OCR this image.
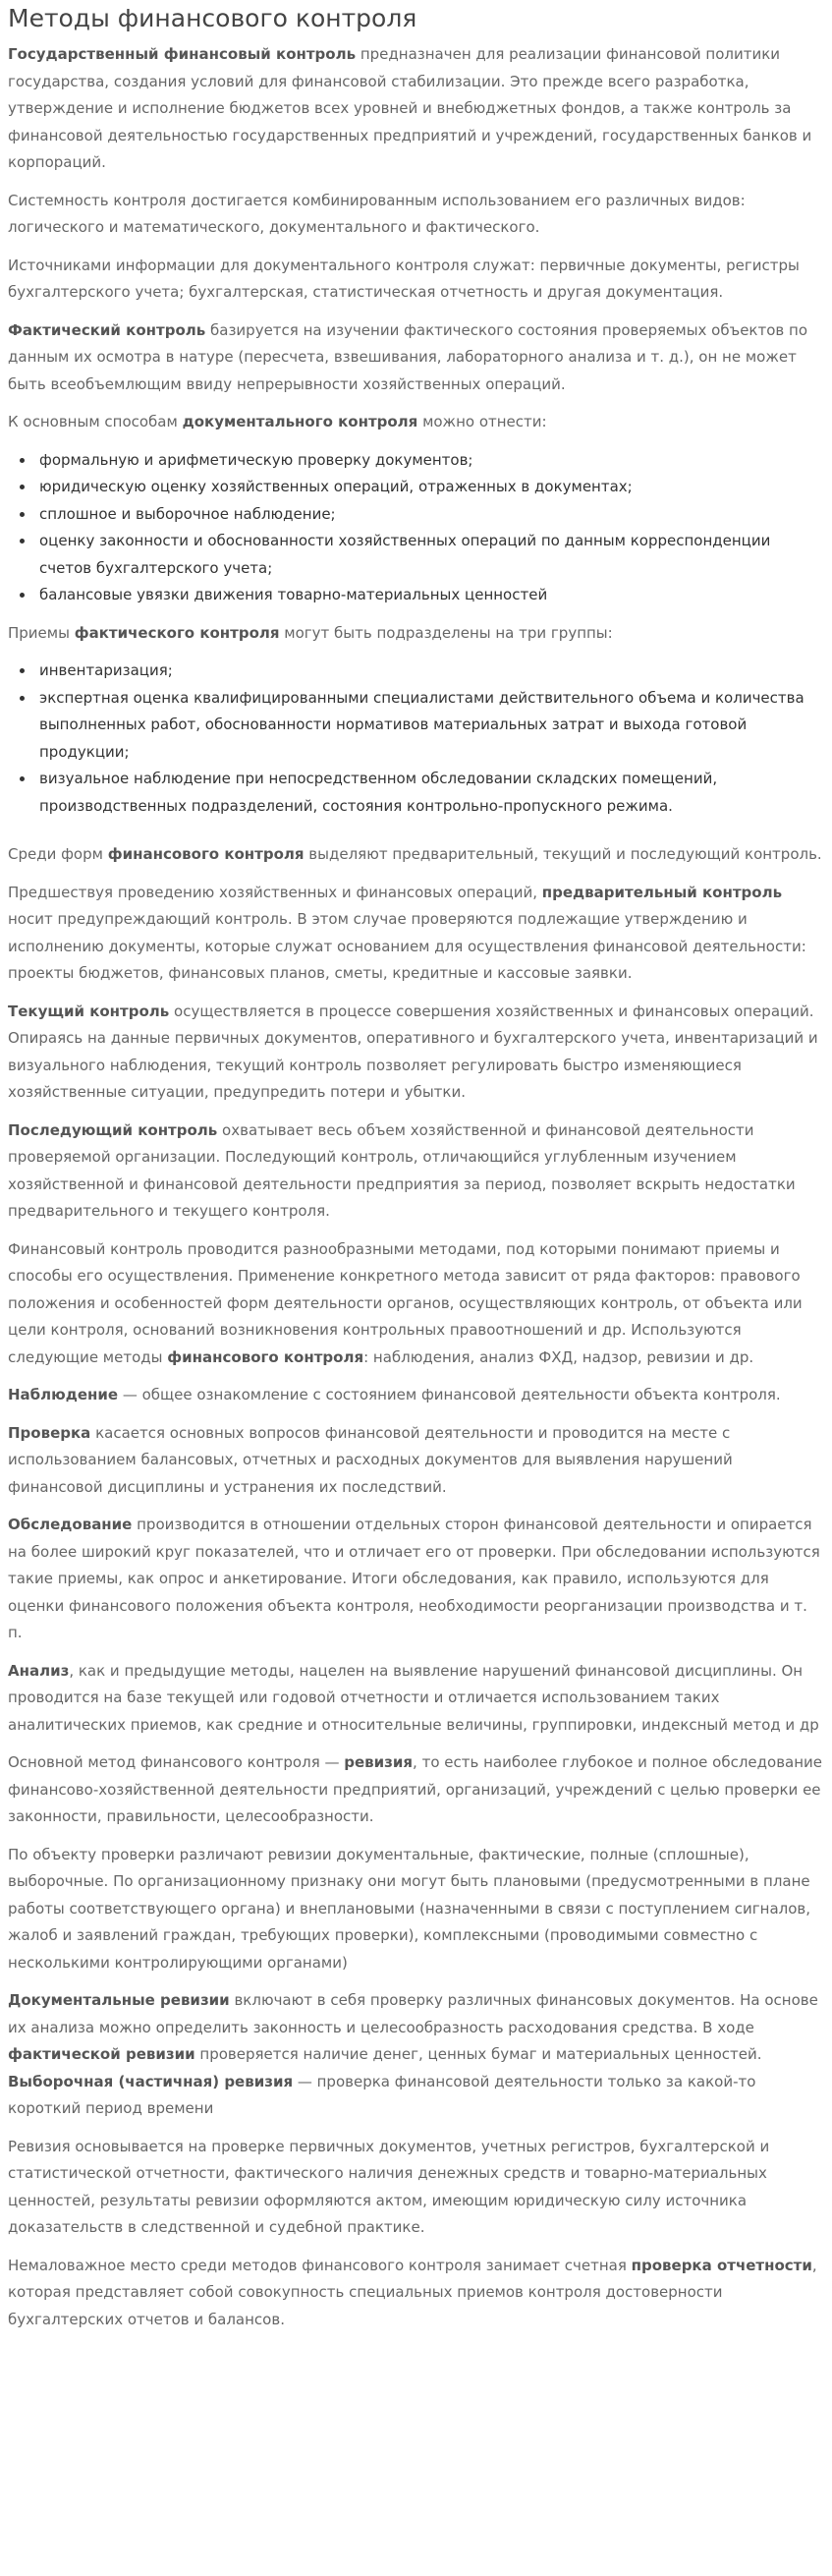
Методы финансового контроля

Государственный финансовый контроль предназначен для реализации финансовой политики государства, создания условий для финансовой стабилизации. Это прежде всего разработка, утверждение и исполнение бюджетов всех уровней и внебюджетных фондов, а также контроль за финансовой деятельностью государственных предприятий и учреждений, государственных банков и корпораций.

Системность контроля достигается комбинированным использованием его различных видов: логического и математического, документального и фактического.

Источниками информации для документального контроля служат: первичные документы, регистры бухгалтерского учета; бухгалтерская, статистическая отчетность и другая документация.

Фактический контроль базируется на изучении фактического состояния проверяемых объектов по данным их осмотра в натуре (пересчета, взвешивания, лабораторного анализа и т. д.), он не может быть всеобъемлющим ввиду непрерывности хозяйственных операций.

К основным способам документального контроля можно отнести:

• формальную и арифметическую проверку документов;
• юридическую оценку хозяйственных операций, отраженных в документах;
• сплошное и выборочное наблюдение;
• оценку законности и обоснованности хозяйственных операций по данным корреспонденции счетов бухгалтерского учета;
• балансовые увязки движения товарно-материальных ценностей

Приемы фактического контроля могут быть подразделены на три группы:

• инвентаризация;
• экспертная оценка квалифицированными специалистами действительного объема и количества выполненных работ, обоснованности нормативов материальных затрат и выхода готовой продукции;
• визуальное наблюдение при непосредственном обследовании складских помещений, производственных подразделений, состояния контрольно-пропускного режима.

Среди форм финансового контроля выделяют предварительный, текущий и последующий контроль.

Предшествуя проведению хозяйственных и финансовых операций, предварительный контроль носит предупреждающий контроль. В этом случае проверяются подлежащие утверждению и исполнению документы, которые служат основанием для осуществления финансовой деятельности: проекты бюджетов, финансовых планов, сметы, кредитные и кассовые заявки.

Текущий контроль осуществляется в процессе совершения хозяйственных и финансовых операций. Опираясь на данные первичных документов, оперативного и бухгалтерского учета, инвентаризаций и визуального наблюдения, текущий контроль позволяет регулировать быстро изменяющиеся хозяйственные ситуации, предупредить потери и убытки.

Последующий контроль охватывает весь объем хозяйственной и финансовой деятельности проверяемой организации. Последующий контроль, отличающийся углубленным изучением хозяйственной и финансовой деятельности предприятия за период, позволяет вскрыть недостатки предварительного и текущего контроля.

Финансовый контроль проводится разнообразными методами, под которыми понимают приемы и способы его осуществления. Применение конкретного метода зависит от ряда факторов: правового положения и особенностей форм деятельности органов, осуществляющих контроль, от объекта или цели контроля, оснований возникновения контрольных правоотношений и др. Используются следующие методы финансового контроля: наблюдения, анализ ФХД, надзор, ревизии и др.

Наблюдение — общее ознакомление с состоянием финансовой деятельности объекта контроля.

Проверка касается основных вопросов финансовой деятельности и проводится на месте с использованием балансовых, отчетных и расходных документов для выявления нарушений финансовой дисциплины и устранения их последствий.

Обследование производится в отношении отдельных сторон финансовой деятельности и опирается на более широкий круг показателей, что и отличает его от проверки. При обследовании используются такие приемы, как опрос и анкетирование. Итоги обследования, как правило, используются для оценки финансового положения объекта контроля, необходимости реорганизации производства и т. п.

Анализ, как и предыдущие методы, нацелен на выявление нарушений финансовой дисциплины. Он проводится на базе текущей или годовой отчетности и отличается использованием таких аналитических приемов, как средние и относительные величины, группировки, индексный метод и др

Основной метод финансового контроля — ревизия, то есть наиболее глубокое и полное обследование финансово-хозяйственной деятельности предприятий, организаций, учреждений с целью проверки ее законности, правильности, целесообразности.

По объекту проверки различают ревизии документальные, фактические, полные (сплошные), выборочные. По организационному признаку они могут быть плановыми (предусмотренными в плане работы соответствующего органа) и внеплановыми (назначенными в связи с поступлением сигналов, жалоб и заявлений граждан, требующих проверки), комплексными (проводимыми совместно с несколькими контролирующими органами)

Документальные ревизии включают в себя проверку различных финансовых документов. На основе их анализа можно определить законность и целесообразность расходования средства. В ходе фактической ревизии проверяется наличие денег, ценных бумаг и материальных ценностей. Выборочная (частичная) ревизия — проверка финансовой деятельности только за какой-то короткий период времени

Ревизия основывается на проверке первичных документов, учетных регистров, бухгалтерской и статистической отчетности, фактического наличия денежных средств и товарно-материальных ценностей, результаты ревизии оформляются актом, имеющим юридическую силу источника доказательств в следственной и судебной практике.

Немаловажное место среди методов финансового контроля занимает счетная проверка отчетности, которая представляет собой совокупность специальных приемов контроля достоверности бухгалтерских отчетов и балансов.
